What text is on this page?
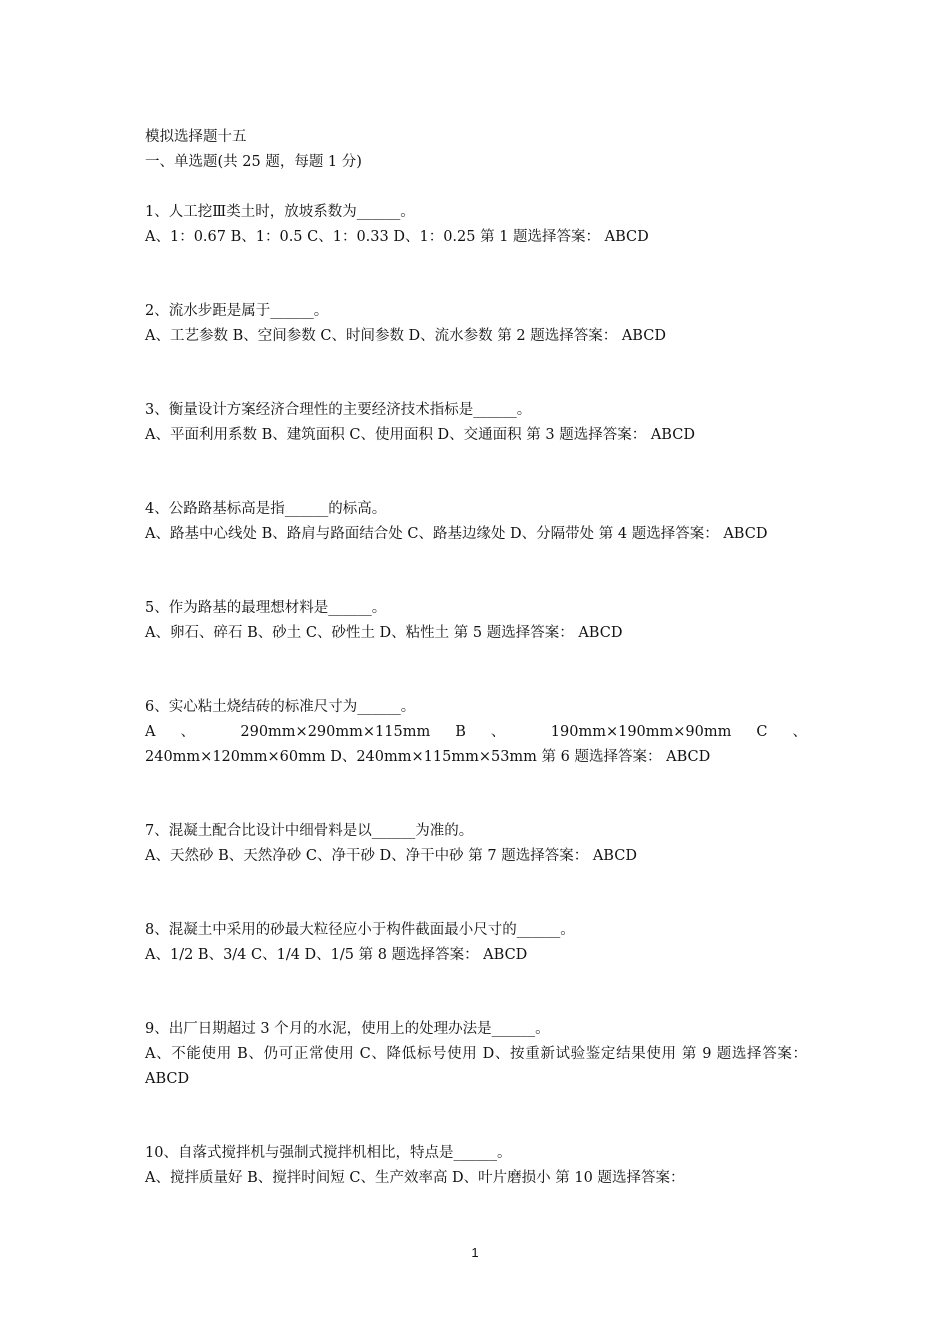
模拟选择题十五
一、单选题(共 25 题，每题 1 分)
1、人工挖Ⅲ类土时，放坡系数为______。
A、1：0.67 B、1：0.5 C、1：0.33 D、1：0.25 第 1 题选择答案： ABCD
2、流水步距是属于______。
A、工艺参数 B、空间参数 C、时间参数 D、流水参数 第 2 题选择答案： ABCD
3、衡量设计方案经济合理性的主要经济技术指标是______。
A、平面利用系数 B、建筑面积 C、使用面积 D、交通面积 第 3 题选择答案： ABCD
4、公路路基标高是指______的标高。
A、路基中心线处 B、路肩与路面结合处 C、路基边缘处 D、分隔带处 第 4 题选择答案： ABCD
5、作为路基的最理想材料是______。
A、卵石、碎石 B、砂土 C、砂性土 D、粘性土 第 5 题选择答案： ABCD
6、实心粘土烧结砖的标准尺寸为______。
A 、 290mm×290mm×115mm B 、 190mm×190mm×90mm C 、 240mm×120mm×60mm D、240mm×115mm×53mm 第 6 题选择答案： ABCD
7、混凝土配合比设计中细骨料是以______为准的。
A、天然砂 B、天然净砂 C、净干砂 D、净干中砂 第 7 题选择答案： ABCD
8、混凝土中采用的砂最大粒径应小于构件截面最小尺寸的______。
A、1/2 B、3/4 C、1/4 D、1/5 第 8 题选择答案： ABCD
9、出厂日期超过 3 个月的水泥，使用上的处理办法是______。
A、不能使用 B、仍可正常使用 C、降低标号使用 D、按重新试验鉴定结果使用 第 9 题选择答案： ABCD
10、自落式搅拌机与强制式搅拌机相比，特点是______。
A、搅拌质量好 B、搅拌时间短 C、生产效率高 D、叶片磨损小 第 10 题选择答案：
1
